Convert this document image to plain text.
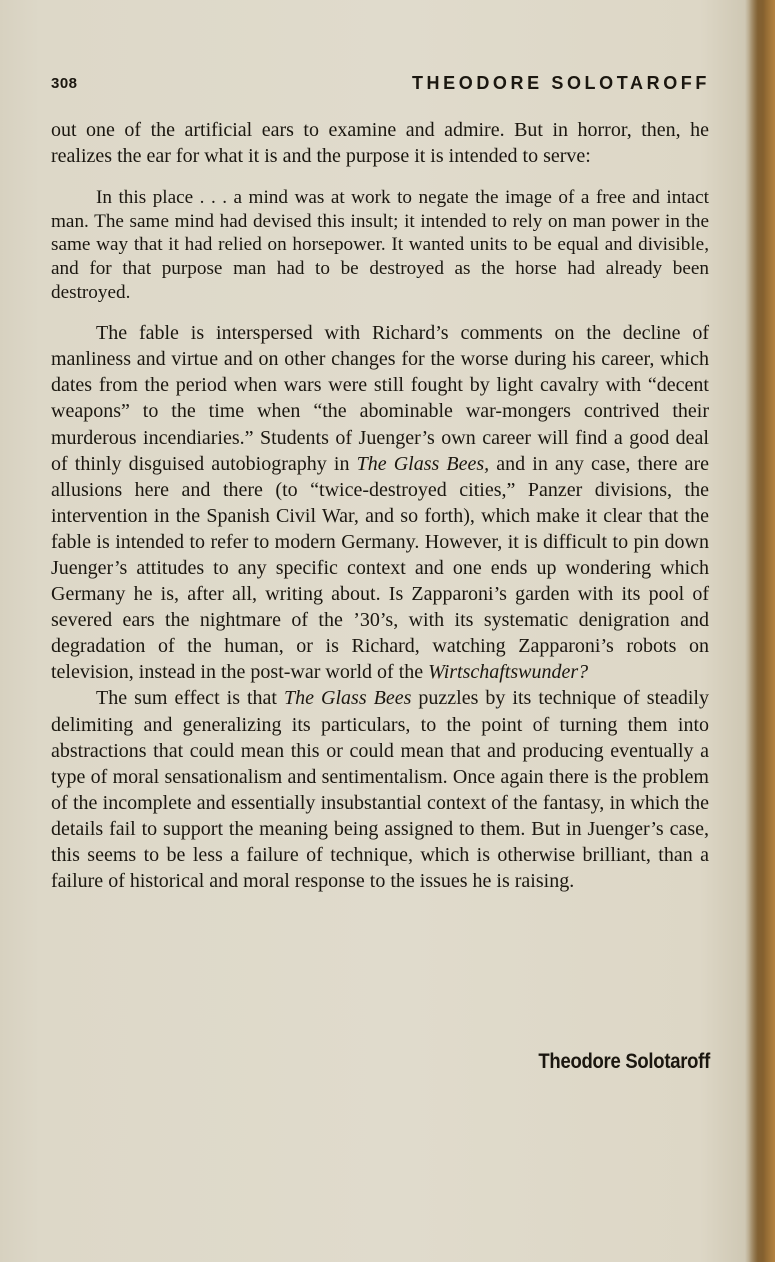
308	THEODORE SOLOTAROFF

out one of the artificial ears to examine and admire. But in horror, then, he realizes the ear for what it is and the purpose it is intended to serve:

In this place . . . a mind was at work to negate the image of a free and intact man. The same mind had devised this insult; it intended to rely on man power in the same way that it had relied on horsepower. It wanted units to be equal and divisible, and for that purpose man had to be destroyed as the horse had already been destroyed.

The fable is interspersed with Richard’s comments on the decline of manliness and virtue and on other changes for the worse during his career, which dates from the period when wars were still fought by light cavalry with “decent weapons” to the time when “the abominable war-mongers contrived their murderous incendiaries.” Students of Juenger’s own career will find a good deal of thinly disguised autobiography in The Glass Bees, and in any case, there are allusions here and there (to “twice-destroyed cities,” Panzer divisions, the intervention in the Spanish Civil War, and so forth), which make it clear that the fable is intended to refer to modern Germany. However, it is difficult to pin down Juenger’s attitudes to any specific context and one ends up wondering which Germany he is, after all, writing about. Is Zapparoni’s garden with its pool of severed ears the nightmare of the ’30’s, with its systematic denigration and degradation of the human, or is Richard, watching Zapparoni’s robots on television, instead in the post-war world of the Wirtschaftswunder?

The sum effect is that The Glass Bees puzzles by its technique of steadily delimiting and generalizing its particulars, to the point of turning them into abstractions that could mean this or could mean that and producing eventually a type of moral sensationalism and sentimentalism. Once again there is the problem of the incomplete and essentially insubstantial context of the fantasy, in which the details fail to support the meaning being assigned to them. But in Juenger’s case, this seems to be less a failure of technique, which is otherwise brilliant, than a failure of historical and moral response to the issues he is raising.

Theodore Solotaroff
